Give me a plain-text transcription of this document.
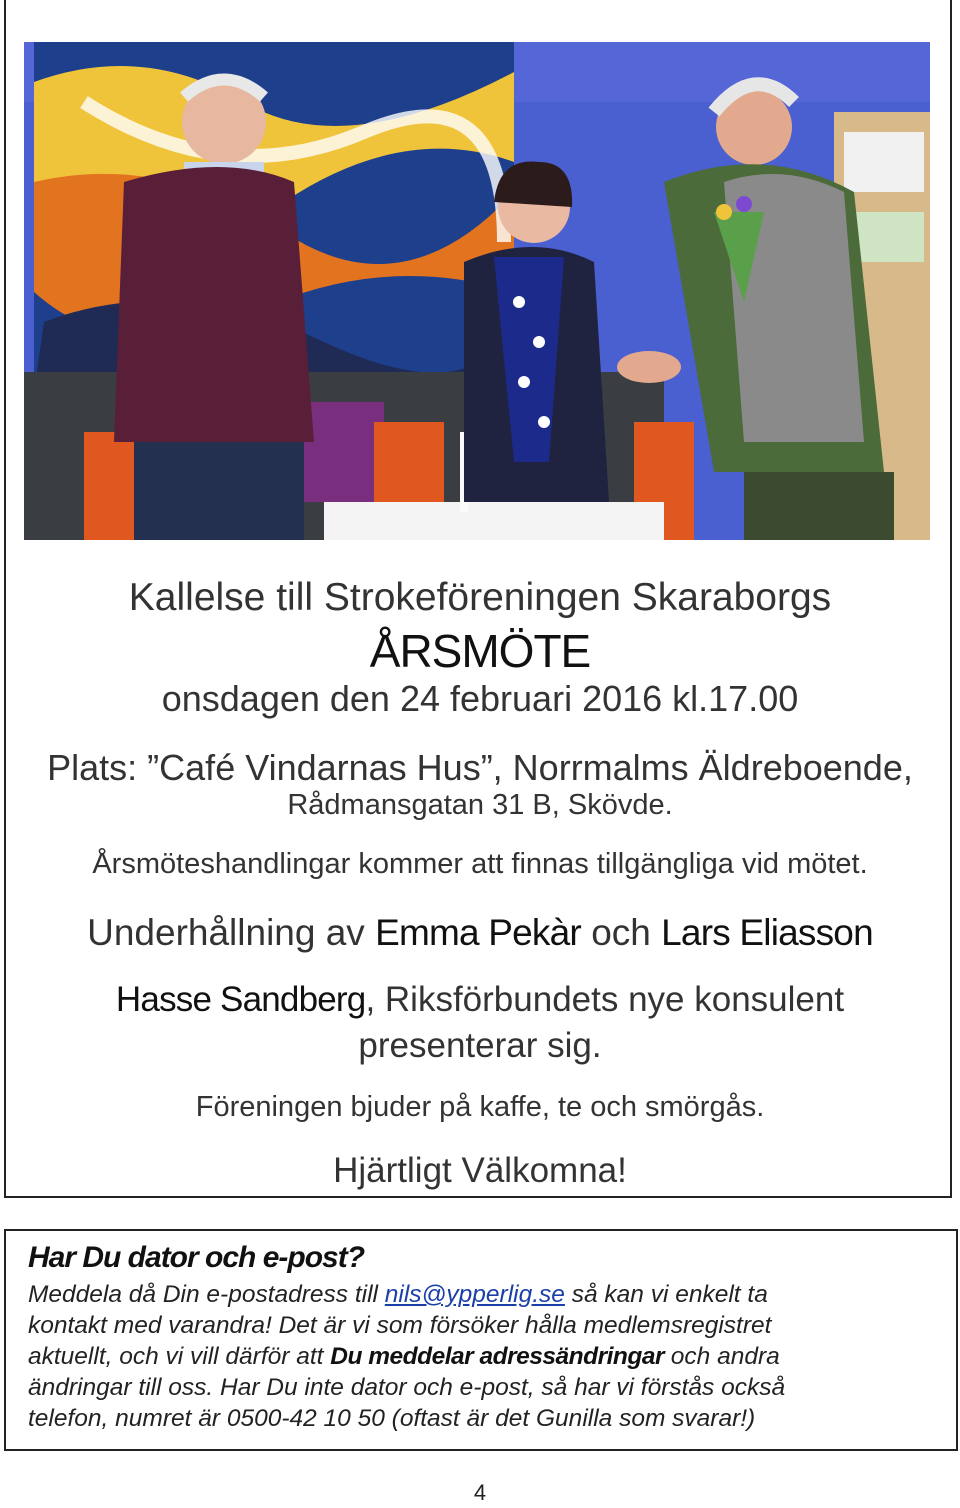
Kallelse till Strokeföreningen Skaraborgs
ÅRSMÖTE
onsdagen den 24 februari 2016 kl.17.00
Plats: ”Café Vindarnas Hus”, Norrmalms Äldreboende,
Rådmansgatan 31 B, Skövde.
Årsmöteshandlingar kommer att finnas tillgängliga vid mötet.
Underhållning av Emma Pekàr och Lars Eliasson
Hasse Sandberg, Riksförbundets nye konsulent
presenterar sig.
Föreningen bjuder på kaffe, te och smörgås.
Hjärtligt Välkomna!
Har Du dator och e-post?
Meddela då Din e-postadress till nils@ypperlig.se så kan vi enkelt ta
kontakt med varandra! Det är vi som försöker hålla medlemsregistret
aktuellt, och vi vill därför att Du meddelar adressändringar och andra
ändringar till oss. Har Du inte dator och e-post, så har vi förstås också
telefon, numret är 0500-42 10 50 (oftast är det Gunilla som svarar!)
4
